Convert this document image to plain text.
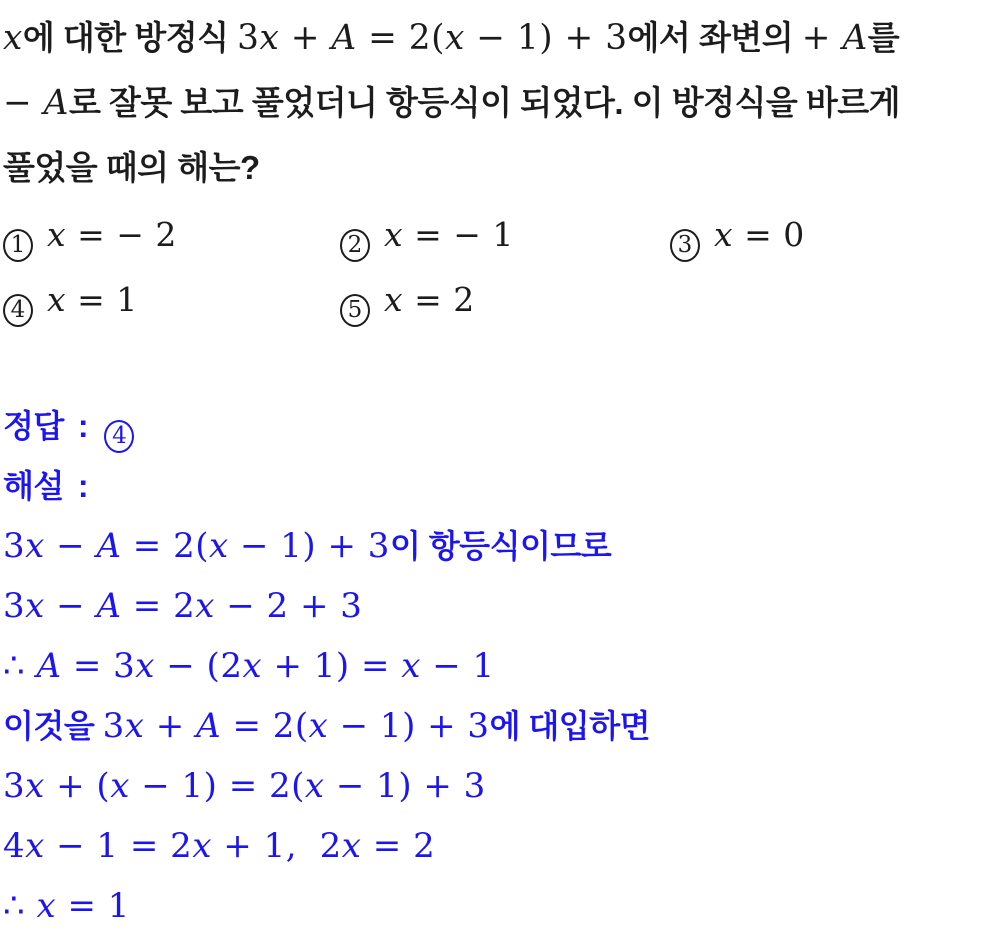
x에 대한 방정식 3x + A = 2(x − 1) + 3에서 좌변의 + A를
− A로 잘못 보고 풀었더니 항등식이 되었다. 이 방정식을 바르게
풀었을 때의 해는?
1 x = − 2	2 x = − 1	3 x = 0
4 x = 1	5 x = 2
정답 : 4
해설 :
3x − A = 2(x − 1) + 3이 항등식이므로
3x − A = 2x − 2 + 3
∴ A = 3x − (2x + 1) = x − 1
이것을 3x + A = 2(x − 1) + 3에 대입하면
3x + (x − 1) = 2(x − 1) + 3
4x − 1 = 2x + 1,  2x = 2
∴ x = 1
